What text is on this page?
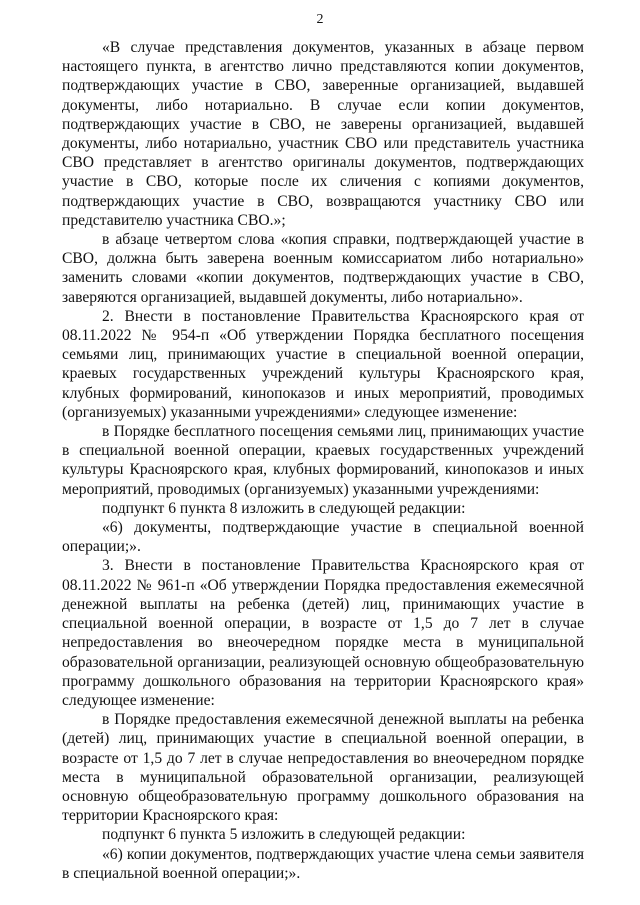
2

«В случае представления документов, указанных в абзаце первом настоящего пункта, в агентство лично представляются копии документов, подтверждающих участие в СВО, заверенные организацией, выдавшей документы, либо нотариально. В случае если копии документов, подтверждающих участие в СВО, не заверены организацией, выдавшей документы, либо нотариально, участник СВО или представитель участника СВО представляет в агентство оригиналы документов, подтверждающих участие в СВО, которые после их сличения с копиями документов, подтверждающих участие в СВО, возвращаются участнику СВО или представителю участника СВО.»;

в абзаце четвертом слова «копия справки, подтверждающей участие в СВО, должна быть заверена военным комиссариатом либо нотариально» заменить словами «копии документов, подтверждающих участие в СВО, заверяются организацией, выдавшей документы, либо нотариально».

2. Внести в постановление Правительства Красноярского края от 08.11.2022 № 954-п «Об утверждении Порядка бесплатного посещения семьями лиц, принимающих участие в специальной военной операции, краевых государственных учреждений культуры Красноярского края, клубных формирований, кинопоказов и иных мероприятий, проводимых (организуемых) указанными учреждениями» следующее изменение:

в Порядке бесплатного посещения семьями лиц, принимающих участие в специальной военной операции, краевых государственных учреждений культуры Красноярского края, клубных формирований, кинопоказов и иных мероприятий, проводимых (организуемых) указанными учреждениями:

подпункт 6 пункта 8 изложить в следующей редакции:

«6) документы, подтверждающие участие в специальной военной операции;».

3. Внести в постановление Правительства Красноярского края от 08.11.2022 № 961-п «Об утверждении Порядка предоставления ежемесячной денежной выплаты на ребенка (детей) лиц, принимающих участие в специальной военной операции, в возрасте от 1,5 до 7 лет в случае непредоставления во внеочередном порядке места в муниципальной образовательной организации, реализующей основную общеобразовательную программу дошкольного образования на территории Красноярского края» следующее изменение:

в Порядке предоставления ежемесячной денежной выплаты на ребенка (детей) лиц, принимающих участие в специальной военной операции, в возрасте от 1,5 до 7 лет в случае непредоставления во внеочередном порядке места в муниципальной образовательной организации, реализующей основную общеобразовательную программу дошкольного образования на территории Красноярского края:

подпункт 6 пункта 5 изложить в следующей редакции:

«6) копии документов, подтверждающих участие члена семьи заявителя в специальной военной операции;».
